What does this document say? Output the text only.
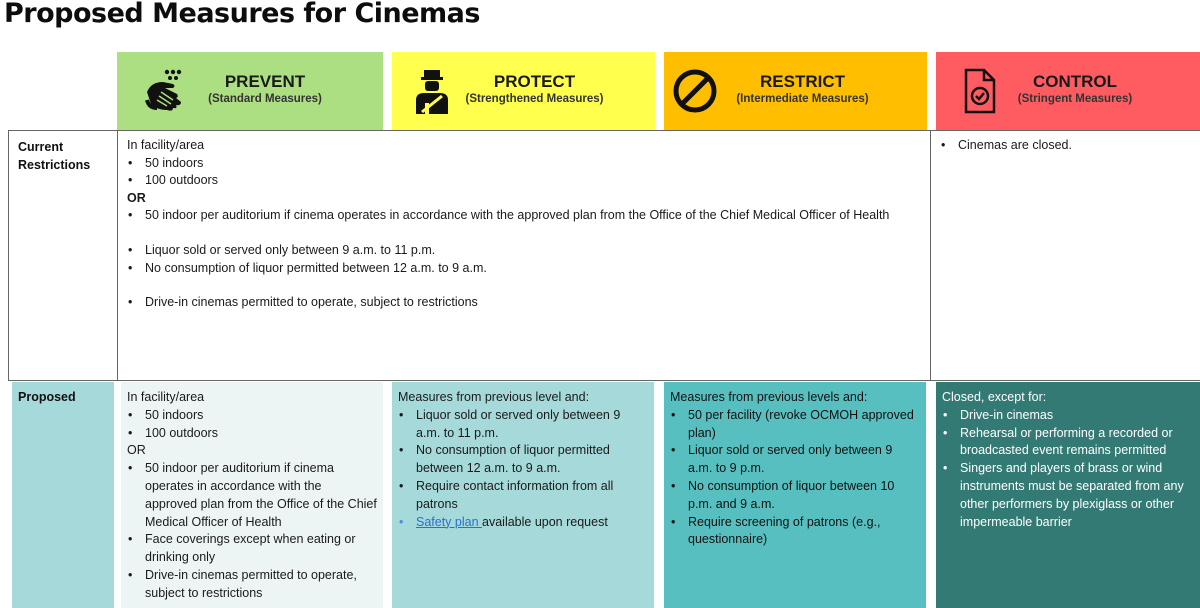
Proposed Measures for Cinemas
PREVENT
(Standard Measures)
PROTECT
(Strengthened Measures)
RESTRICT
(Intermediate Measures)
CONTROL
(Stringent Measures)
Current
Restrictions
In facility/area
• 50 indoors
• 100 outdoors
OR
• 50 indoor per auditorium if cinema operates in accordance with the approved plan from the Office of the Chief Medical Officer of Health
• Liquor sold or served only between 9 a.m. to 11 p.m.
• No consumption of liquor permitted between 12 a.m. to 9 a.m.
• Drive-in cinemas permitted to operate, subject to restrictions
• Cinemas are closed.
Proposed	In facility/area
• 50 indoors
• 100 outdoors
OR
• 50 indoor per auditorium if cinema operates in accordance with the approved plan from the Office of the Chief Medical Officer of Health
• Face coverings except when eating or drinking only
• Drive-in cinemas permitted to operate, subject to restrictions
Measures from previous level and:
• Liquor sold or served only between 9 a.m. to 11 p.m.
• No consumption of liquor permitted between 12 a.m. to 9 a.m.
• Require contact information from all patrons
• Safety plan available upon request
Measures from previous levels and:
• 50 per facility (revoke OCMOH approved plan)
• Liquor sold or served only between 9 a.m. to 9 p.m.
• No consumption of liquor between 10 p.m. and 9 a.m.
• Require screening of patrons (e.g., questionnaire)
Closed, except for:
• Drive-in cinemas
• Rehearsal or performing a recorded or broadcasted event remains permitted
• Singers and players of brass or wind instruments must be separated from any other performers by plexiglass or other impermeable barrier
